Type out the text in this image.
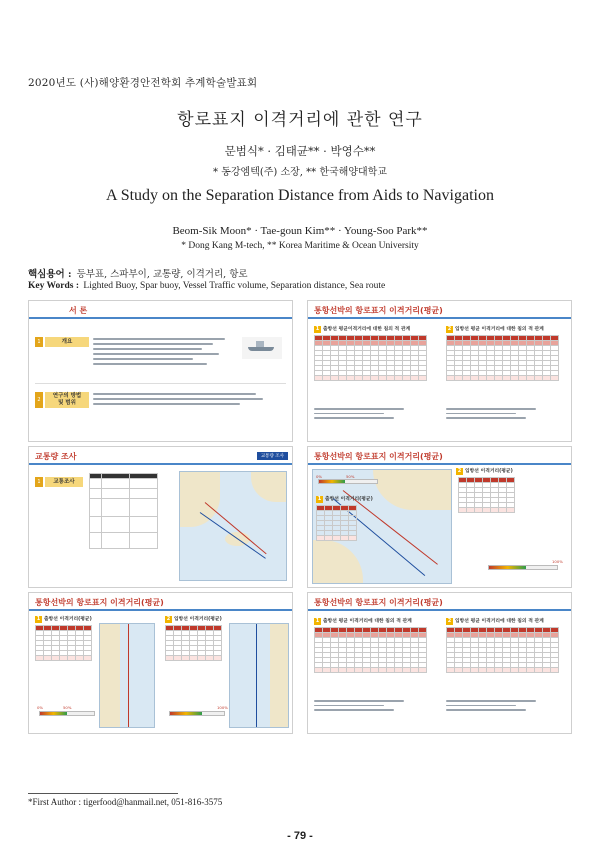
2020년도 (사)해양환경안전학회 추계학술발표회
항로표지 이격거리에 관한 연구
문범식* · 김태균** · 박영수**
* 동강엠텍(주) 소장, ** 한국해양대학교
A Study on the Separation Distance from Aids to Navigation
Beom-Sik Moon* · Tae-goun Kim** · Young-Soo Park**
* Dong Kang M-tech, ** Korea Maritime & Ocean University
핵심용어 : 등부표, 스파부이, 교통량, 이격거리, 항로
Key Words : Lighted Buoy, Spar buoy, Vessel Traffic volume, Separation distance, Sea route
서 론
1	개요
2
연구의 방법
및 범위
통항선박의 항로표지 이격거리(평균)
1 출항선 평균이격거리에 대한 침의 적 관계	2 입항선 평균 이격거리에 대한 침의 적 관계

교통량 조사	교통량 조사
1	교통조사

통항선박의 항로표지 이격거리(평균)
0%	50%
1 출항선 이격거리(평균)

2 입항선 이격거리(평균)

100%
통항선박의 항로표지 이격거리(평균)
1 출항선 이격거리(평균)

0%	50%
2 입항선 이격거리(평균)

100%
통항선박의 항로표지 이격거리(평균)
1 출항선 평균 이격거리에 대한 침의 적 관계	2 입항선 평균 이격거리에 대한 침의 적 관계

*First Author : tigerfood@hanmail.net, 051-816-3575
- 79 -
